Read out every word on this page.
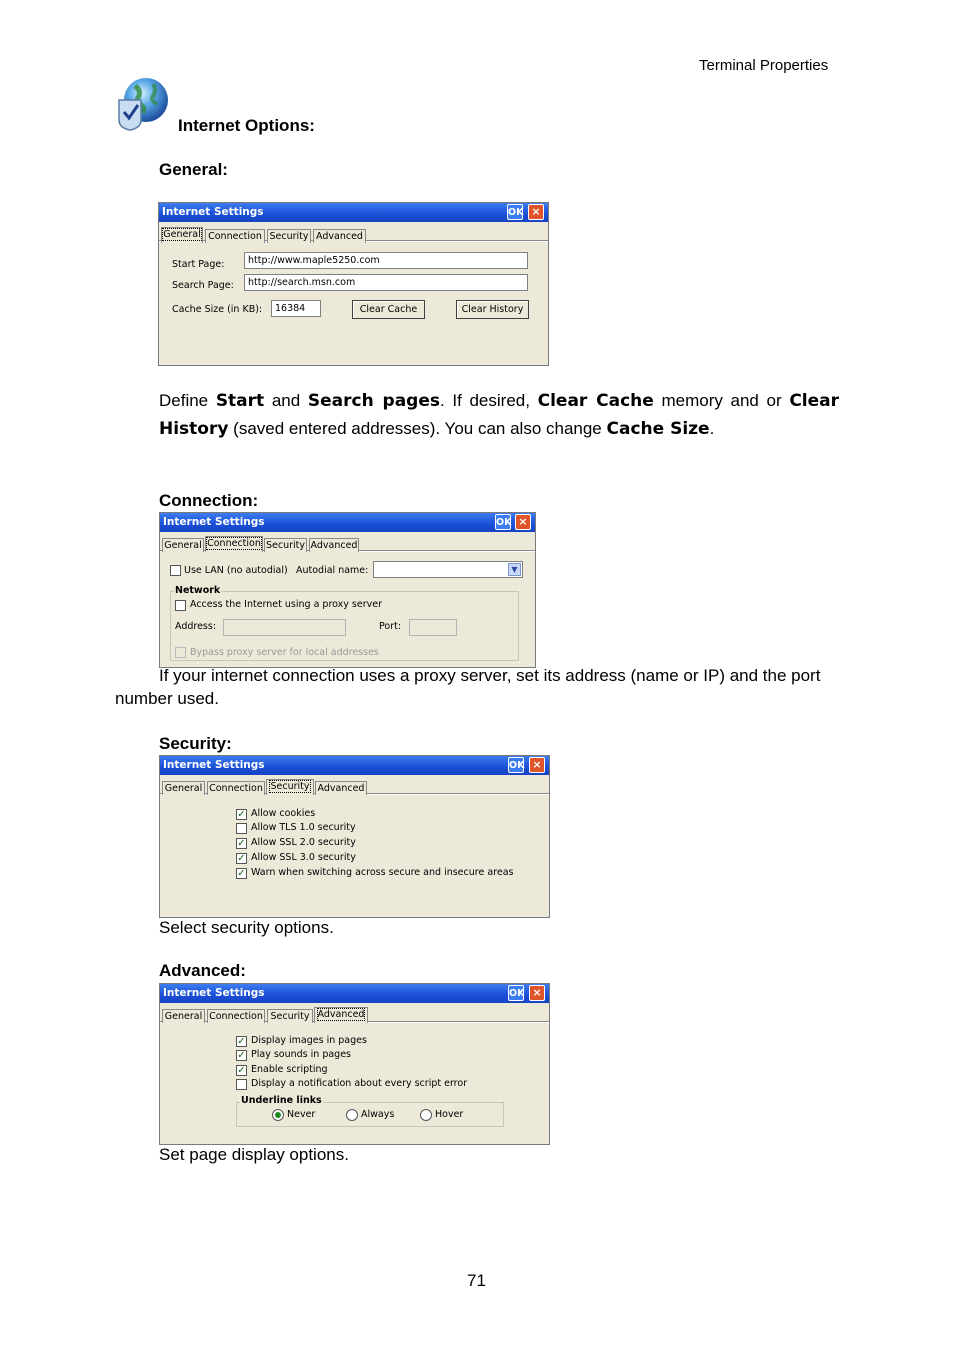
Terminal Properties
Internet Options:
General:
Internet Settings	OK ×
General Connection Security Advanced
Start Page:	http://www.maple5250.com
Search Page:	http://search.msn.com
Cache Size (in KB):	16384	Clear Cache	Clear History
Define Start and Search pages. If desired, Clear Cache memory and or Clear History (saved entered addresses). You can also change Cache Size.
Connection:
Internet Settings	OK ×
General Connection Security Advanced
Use LAN (no autodial) Autodial name:	▼
Network
Access the Internet using a proxy server
Address:	Port:
Bypass proxy server for local addresses
If your internet connection uses a proxy server, set its address (name or IP) and the port number used.
Security:
Internet Settings	OK ×
General Connection Security Advanced
✓ Allow cookies
Allow TLS 1.0 security
✓ Allow SSL 2.0 security
✓ Allow SSL 3.0 security
✓ Warn when switching across secure and insecure areas
Select security options.
Advanced:
Internet Settings	OK ×
General Connection Security Advanced
✓ Display images in pages
✓ Play sounds in pages
✓ Enable scripting
Display a notification about every script error
Underline links
Never	Always	Hover
Set page display options.
71
